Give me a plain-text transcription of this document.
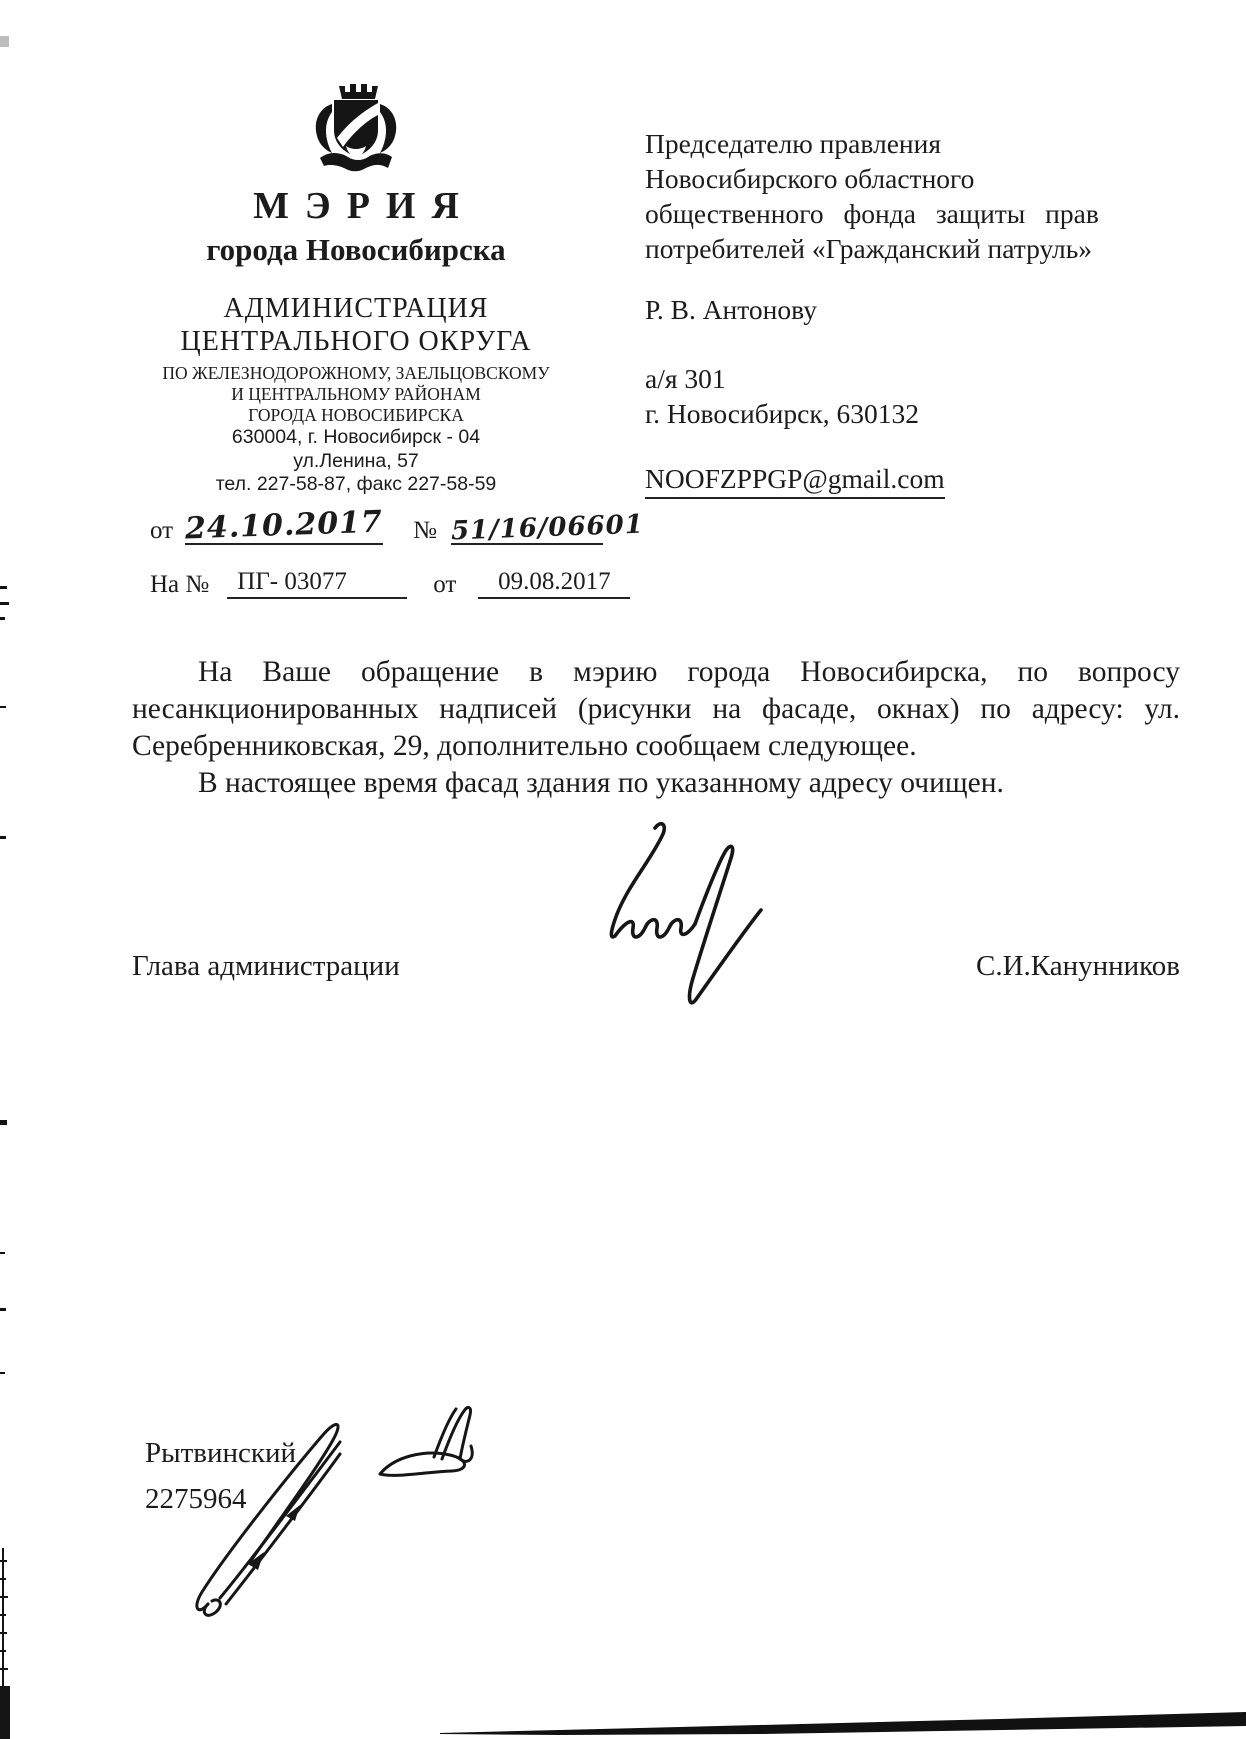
МЭРИЯ
города Новосибирска
АДМИНИСТРАЦИЯ
ЦЕНТРАЛЬНОГО ОКРУГА
ПО ЖЕЛЕЗНОДОРОЖНОМУ, ЗАЕЛЬЦОВСКОМУ
И ЦЕНТРАЛЬНОМУ РАЙОНАМ
ГОРОДА НОВОСИБИРСКА
630004, г. Новосибирск - 04
ул.Ленина, 57
тел. 227-58-87, факс 227-58-59
от 24.10.2017 № 51/16/06601
На №	ПГ- 03077	от	09.08.2017
Председателю правления
Новосибирского областного
общественного фонда защиты прав
потребителей «Гражданский патруль»
Р. В. Антонову
а/я 301
г. Новосибирск, 630132
NOOFZPPGP@gmail.com

На Ваше обращение в мэрию города Новосибирска, по вопросу несанкционированных надписей (рисунки на фасаде, окнах) по адресу: ул. Серебренниковская, 29, дополнительно сообщаем следующее.

В настоящее время фасад здания по указанному адресу очищен.

Глава администрации	С.И.Канунников
Рытвинский
2275964
